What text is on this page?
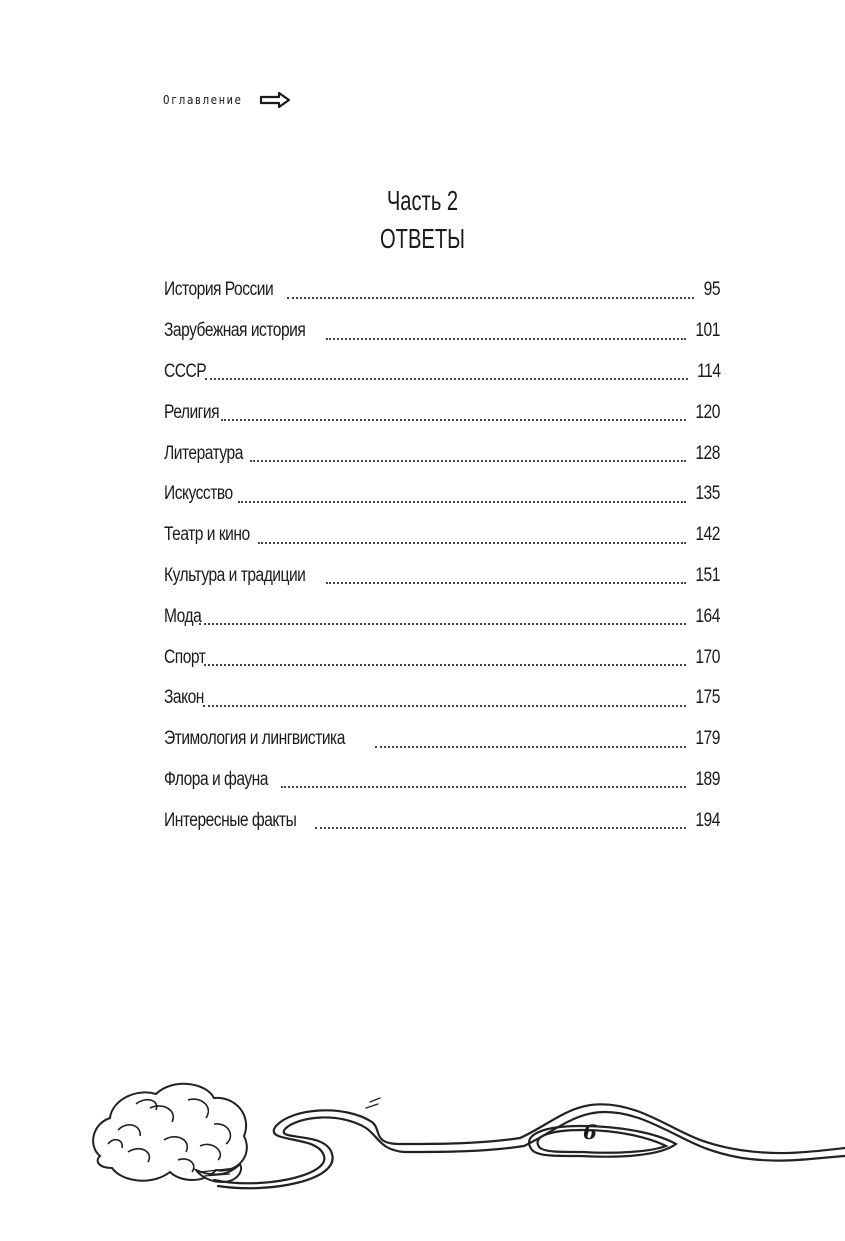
Оглавление
Часть 2
ОТВЕТЫ
История России	95
Зарубежная история	101
СССР	114
Религия	120
Литература	128
Искусство	135
Театр и кино	142
Культура и традиции	151
Мода	164
Спорт	170
Закон	175
Этимология и лингвистика	179
Флора и фауна	189
Интересные факты	194
6
